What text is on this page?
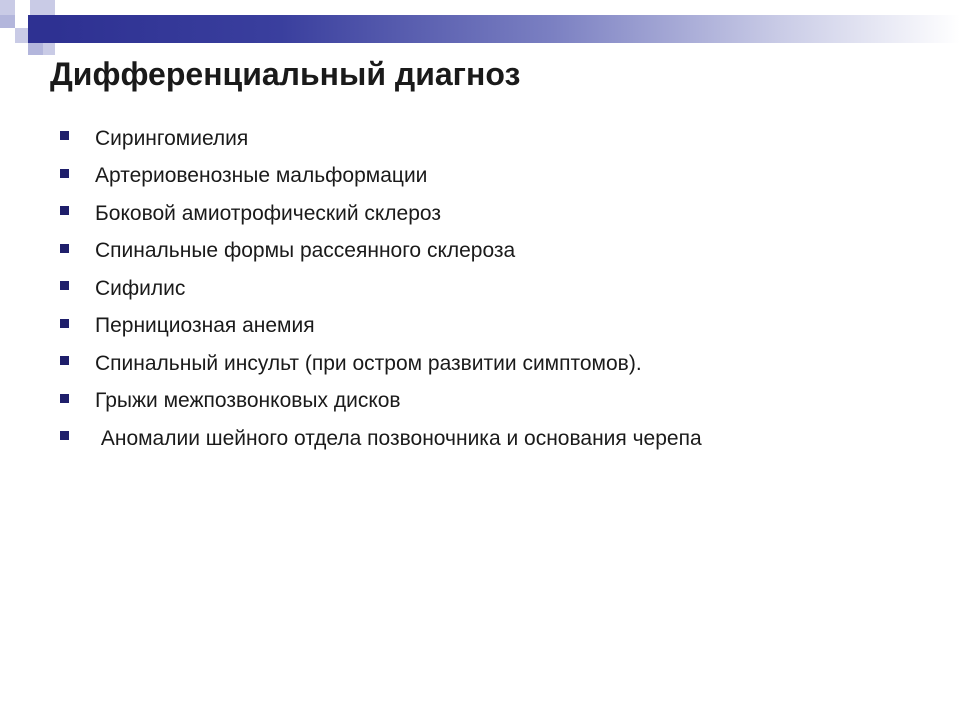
Дифференциальный диагноз
Сирингомиелия
Артериовенозные мальформации
Боковой амиотрофический склероз
Спинальные формы рассеянного склероза
Сифилис
Пернициозная анемия
Спинальный инсульт (при остром развитии симптомов).
Грыжи межпозвонковых дисков
Аномалии шейного отдела позвоночника и основания черепа
